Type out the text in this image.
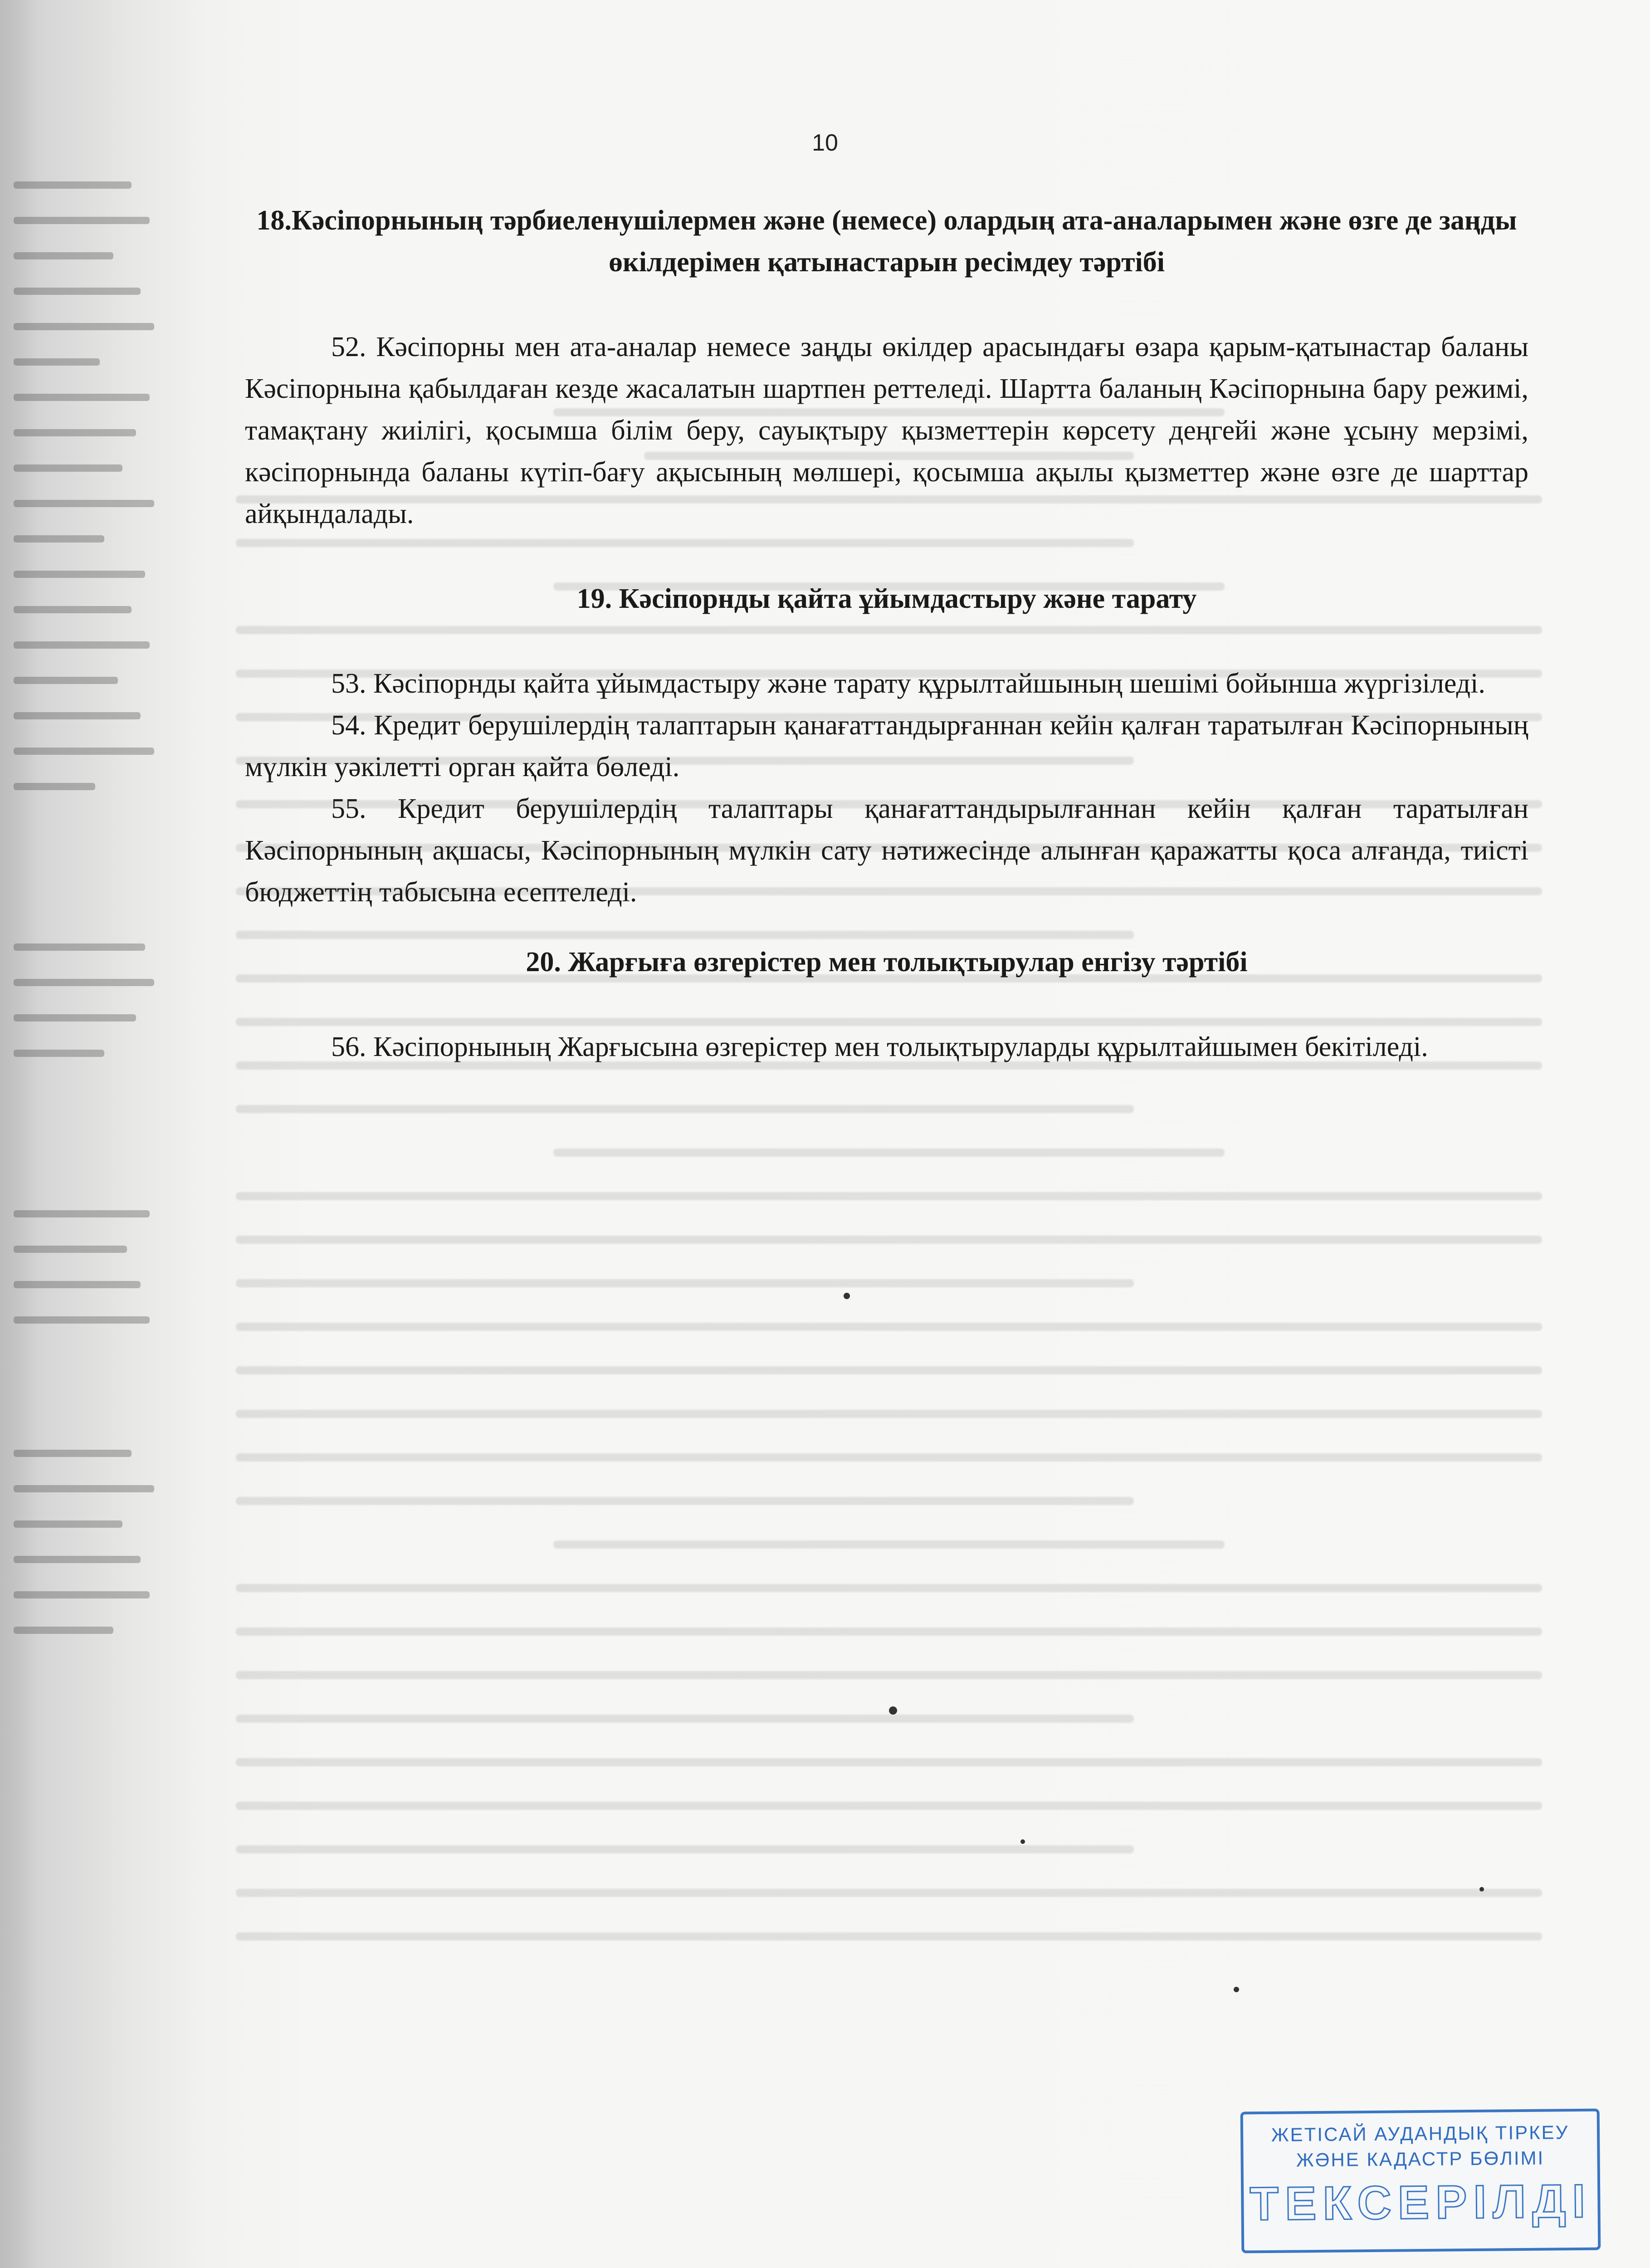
10

18.Кәсіпорнының тәрбиеленушілермен және (немесе) олардың ата-аналарымен және өзге де заңды өкілдерімен қатынастарын ресімдеу тәртібі

52. Кәсіпорны мен ата-аналар немесе заңды өкілдер арасындағы өзара қарым-қатынастар баланы Кәсіпорнына қабылдаған кезде жасалатын шартпен реттеледі. Шартта баланың Кәсіпорнына бару режимі, тамақтану жиілігі, қосымша білім беру, сауықтыру қызметтерін көрсету деңгейі және ұсыну мерзімі, кәсіпорнында баланы күтіп-бағу ақысының мөлшері, қосымша ақылы қызметтер және өзге де шарттар айқындалады.

19. Кәсіпорнды қайта ұйымдастыру және тарату

53. Кәсіпорнды қайта ұйымдастыру және тарату құрылтайшының шешімі бойынша жүргізіледі.

54. Кредит берушілердің талаптарын қанағаттандырғаннан кейін қалған таратылған Кәсіпорнының мүлкін уәкілетті орган қайта бөледі.

55. Кредит берушілердің талаптары қанағаттандырылғаннан кейін қалған таратылған Кәсіпорнының ақшасы, Кәсіпорнының мүлкін сату нәтижесінде алынған қаражатты қоса алғанда, тиісті бюджеттің табысына есептеледі.

20. Жарғыға өзгерістер мен толықтырулар енгізу тәртібі

56. Кәсіпорнының Жарғысына өзгерістер мен толықтыруларды құрылтайшымен бекітіледі.

ЖЕТІСАЙ АУДАНДЫҚ ТІРКЕУ
ЖӘНЕ КАДАСТР БӨЛІМІ
ТЕКСЕРІЛДІ
